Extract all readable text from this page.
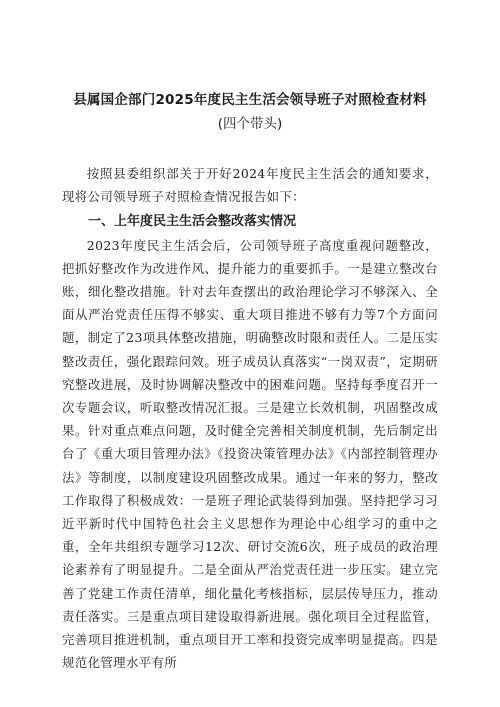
县属国企部门2025年度民主生活会领导班子对照检查材料
(四个带头)

按照县委组织部关于开好2024年度民主生活会的通知要求，现将公司领导班子对照检查情况报告如下：

一、上年度民主生活会整改落实情况

2023年度民主生活会后，公司领导班子高度重视问题整改，把抓好整改作为改进作风、提升能力的重要抓手。一是建立整改台账，细化整改措施。针对去年查摆出的政治理论学习不够深入、全面从严治党责任压得不够实、重大项目推进不够有力等7个方面问题，制定了23项具体整改措施，明确整改时限和责任人。二是压实整改责任，强化跟踪问效。班子成员认真落实“一岗双责”，定期研究整改进展，及时协调解决整改中的困难问题。坚持每季度召开一次专题会议，听取整改情况汇报。三是建立长效机制，巩固整改成果。针对重点难点问题，及时健全完善相关制度机制，先后制定出台了《重大项目管理办法》《投资决策管理办法》《内部控制管理办法》等制度，以制度建设巩固整改成果。通过一年来的努力，整改工作取得了积极成效：一是班子理论武装得到加强。坚持把学习习近平新时代中国特色社会主义思想作为理论中心组学习的重中之重，全年共组织专题学习12次、研讨交流6次，班子成员的政治理论素养有了明显提升。二是全面从严治党责任进一步压实。建立完善了党建工作责任清单，细化量化考核指标，层层传导压力，推动责任落实。三是重点项目建设取得新进展。强化项目全过程监管，完善项目推进机制，重点项目开工率和投资完成率明显提高。四是规范化管理水平有所
